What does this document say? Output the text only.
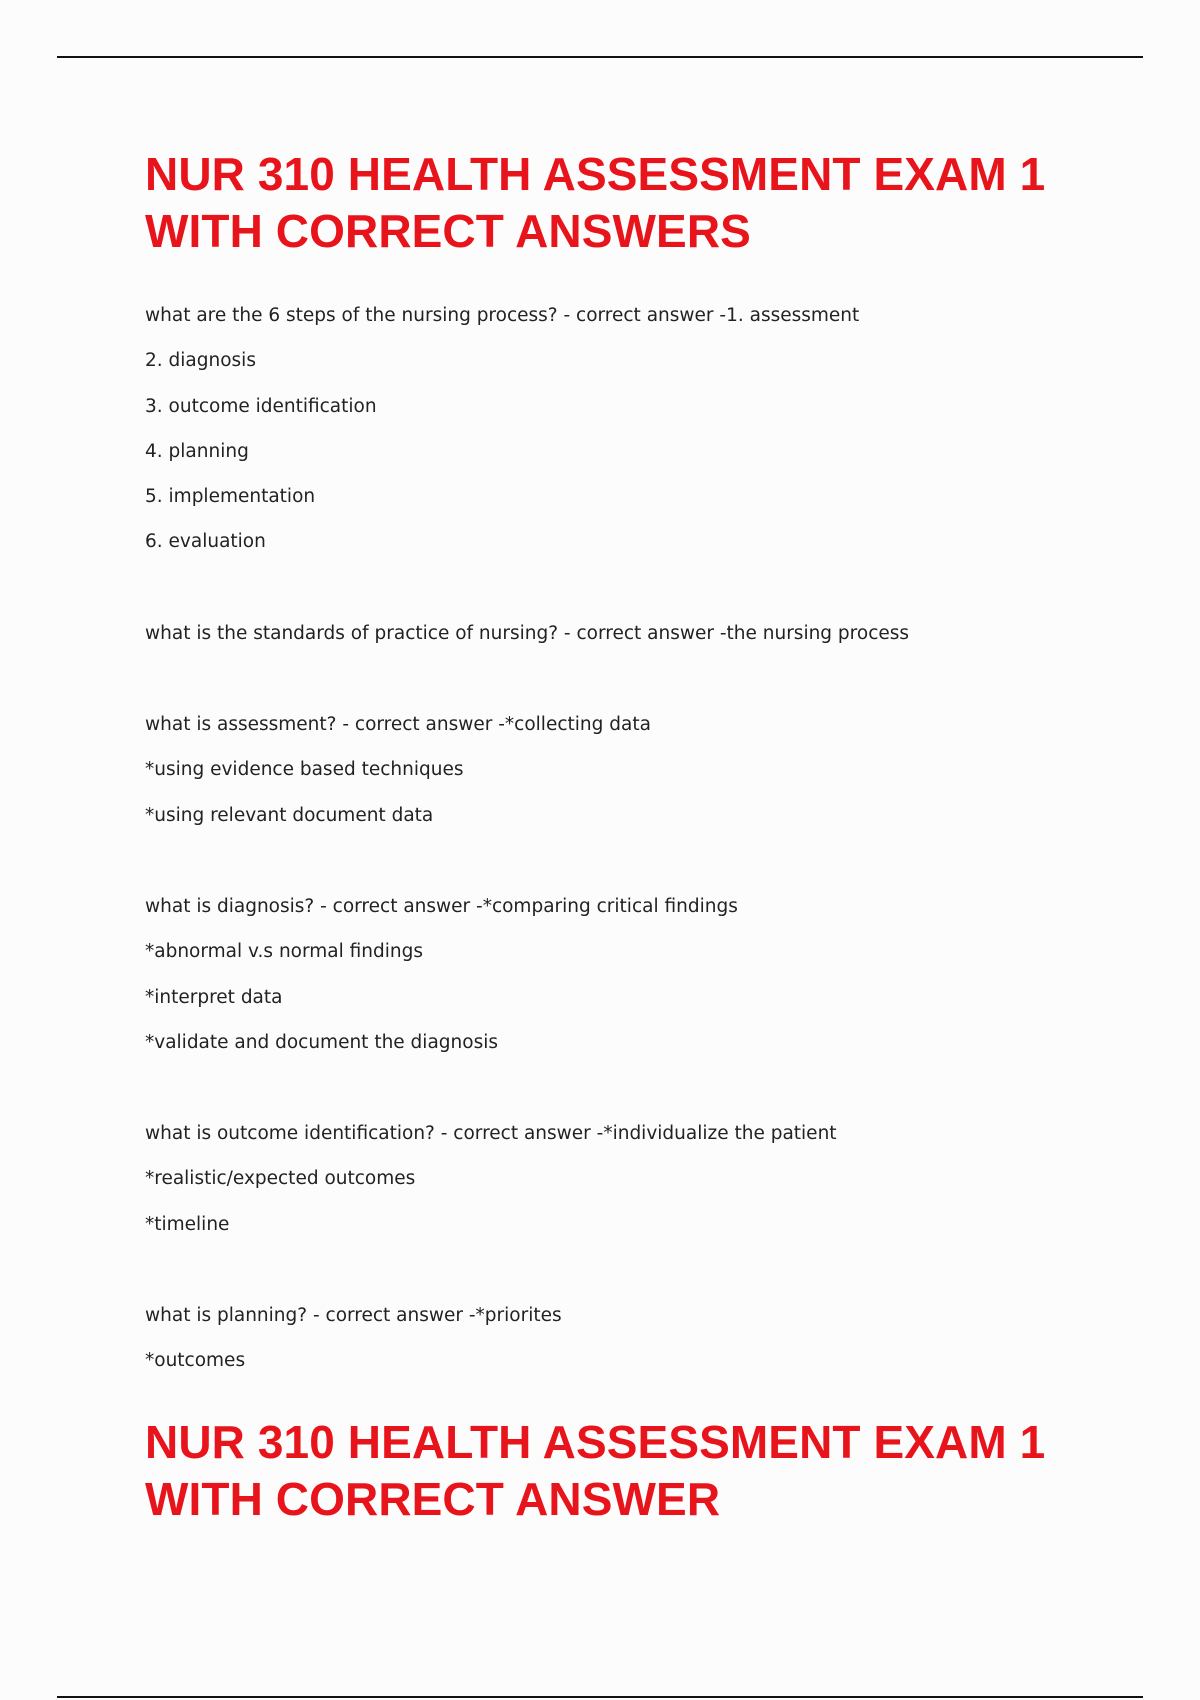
NUR 310 HEALTH ASSESSMENT EXAM 1 WITH CORRECT ANSWERS
what are the 6 steps of the nursing process? - correct answer -1. assessment
2. diagnosis
3. outcome identification
4. planning
5. implementation
6. evaluation
what is the standards of practice of nursing? - correct answer -the nursing process
what is assessment? - correct answer -*collecting data
*using evidence based techniques
*using relevant document data
what is diagnosis? - correct answer -*comparing critical findings
*abnormal v.s normal findings
*interpret data
*validate and document the diagnosis
what is outcome identification? - correct answer -*individualize the patient
*realistic/expected outcomes
*timeline
what is planning? - correct answer -*priorites
*outcomes
NUR 310 HEALTH ASSESSMENT EXAM 1 WITH CORRECT ANSWER
